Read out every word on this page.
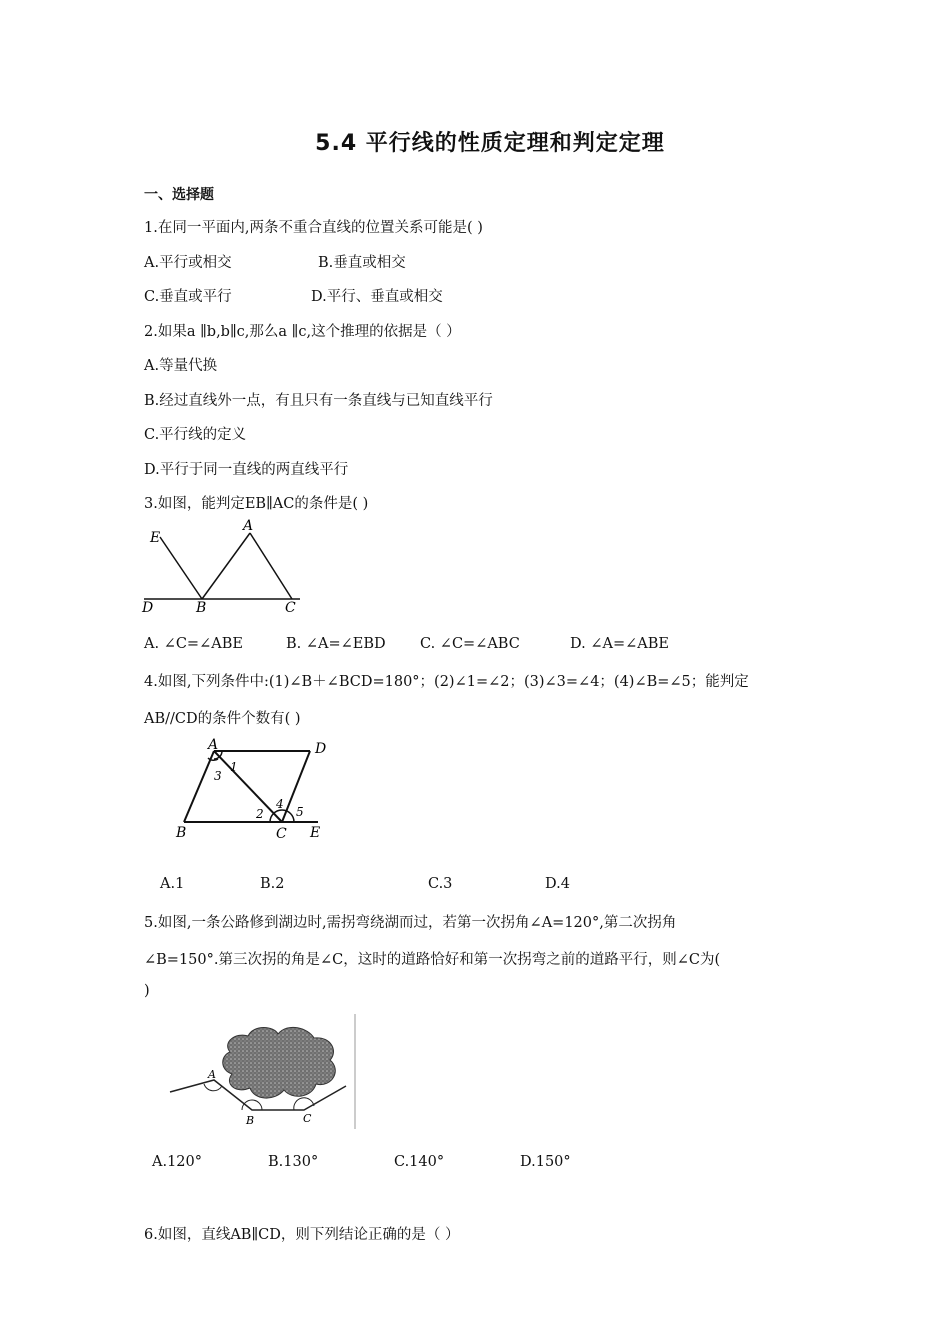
5.4 平行线的性质定理和判定定理
一、选择题
1.在同一平面内,两条不重合直线的位置关系可能是( )
A.平行或相交	B.垂直或相交
C.垂直或平行	D.平行、垂直或相交
2.如果a ∥b,b∥c,那么a ∥c,这个推理的依据是（ ）
A.等量代换
B.经过直线外一点，有且只有一条直线与已知直线平行
C.平行线的定义
D.平行于同一直线的两直线平行
3.如图，能判定EB∥AC的条件是( )
E
A
D	B	C
A. ∠C=∠ABE	B. ∠A=∠EBD C. ∠C=∠ABC	D. ∠A=∠ABE
4.如图,下列条件中:(1)∠B＋∠BCD=180°；(2)∠1=∠2；(3)∠3=∠4；(4)∠B=∠5；能判定
AB//CD的条件个数有( )
A	D
B	C E
1
3
2
4
5
A.1	B.2	C.3	D.4
5.如图,一条公路修到湖边时,需拐弯绕湖而过，若第一次拐角∠A=120°,第二次拐角
∠B=150°.第三次拐的角是∠C，这时的道路恰好和第一次拐弯之前的道路平行，则∠C为(
)
A
B	C
A.120°	B.130°	C.140°	D.150°
6.如图，直线AB∥CD，则下列结论正确的是（ ）
